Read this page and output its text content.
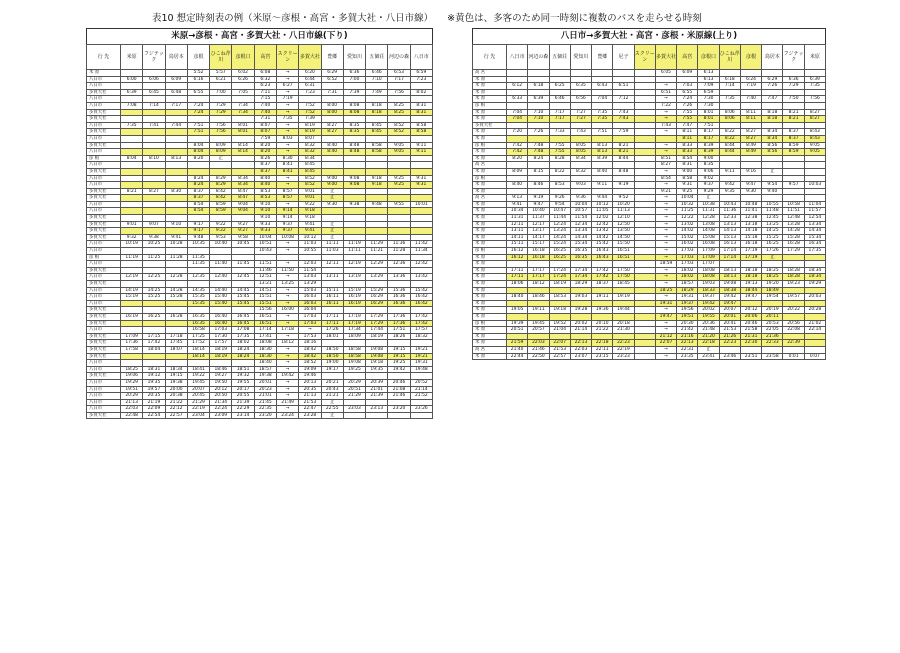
表10 想定時刻表の例（米原～彦根・高宮・多賀大社・八日市線） ※黄色は、多客のため同一時刻に複数のバスを走らせる時刻
米原→彦根・高宮・多賀大社・八日市線(下り)
行 先	米原	フジテック	鳥居本	彦根	ひこね芹川	彦根口	高宮	スクリーン	多賀大社	豊郷	愛知川	五個荘	河辺の森	八日市
米 原				5:52	5:57	6:02	6:08	→	6:20	6:29	6:36	6:46	6:53	6:59
八日市	6:00	6:06	6:09	6:16	6:21	6:26	6:32	→	6:44	6:52	7:00	7:10	7:17	7:23
八日市							6:23	6:27	6:31					
多賀大社	6:39	6:45	6:48	6:55	7:00	7:05	7:11	→	7:23	7:31	7:39	7:49	7:56	8:02
八日市							7:15	7:19						
八日市	7:08	7:14	7:17	7:24	7:29	7:34	7:40	→	7:52	8:00	8:08	8:18	8:25	8:31
多賀大社				7:24	7:29	7:34	7:40	→	7:52	8:00	8:08	8:18	8:25	8:31
多賀大社							7:31	7:35	7:39					
八日市	7:35	7:41	7:44	7:51	7:56	8:01	8:07	→	8:19	8:27	8:35	8:45	8:52	8:58
多賀大社				7:51	7:56	8:01	8:07	→	8:19	8:27	8:35	8:45	8:52	8:58
八日市							7:59	8:03	8:07					
多賀大社				8:04	8:09	8:14	8:20	→	8:32	8:40	8:48	8:58	9:05	9:11
八日市				8:04	8:09	8:14	8:20	→	8:32	8:40	8:48	8:58	9:05	9:11
彦 根	8:04	8:10	8:13	8:20	止		8:26	8:30	8:34					
八日市							8:37	8:41	8:45					
多賀大社							8:37	8:41	8:45					
八日市				8:24	8:29	8:34	8:40	→	8:52	9:00	9:08	9:18	9:25	9:31
八日市				8:24	8:29	8:34	8:40	→	8:52	9:00	9:08	9:18	9:25	9:31
多賀大社	8:21	8:27	8:30	8:37	8:42	8:47	8:53	8:57	9:01	止				
多賀大社				8:37	8:42	8:47	8:53	8:57	9:01	止				
八日市				8:54	8:59	9:04	9:10	→	9:22	9:30	9:38	9:48	9:55	10:01
八日市				8:54	8:59	9:04	9:10	9:14	9:18					
多賀大社							9:10	9:14	9:18					
多賀大社	9:01	9:07	9:10	9:17	9:22	9:27	9:33	9:37	9:41	止				
多賀大社				9:17	9:22	9:27	9:33	9:37	9:41	止				
多賀大社	9:32	9:38	9:41	9:48	9:53	9:58	10:04	10:08	10:12	止				
八日市	10:19	10:25	10:28	10:35	10:40	10:45	10:51	→	11:03	11:11	11:19	11:29	11:36	11:42
八日市							10:43	→	10:55	11:03	11:11	11:21	11:28	11:34
彦 根	11:19	11:25	11:28	11:35										
八日市				11:35	11:40	11:45	11:51	→	12:03	12:11	12:19	12:29	12:36	12:42
多賀大社							11:46	11:50	11:54					
八日市	12:19	12:25	12:28	12:35	12:40	12:45	12:51	→	13:03	13:11	13:19	13:29	13:36	13:42
多賀大社							13:21	13:25	13:29					
八日市	14:19	14:25	14:28	14:35	14:40	14:45	14:51	→	15:03	15:11	15:19	15:29	15:36	15:42
八日市	15:19	15:25	15:28	15:35	15:40	15:45	15:51	→	16:03	16:11	16:19	16:29	16:36	16:42
八日市				15:35	15:40	15:45	15:51	→	16:03	16:11	16:19	16:29	16:36	16:42
多賀大社							15:56	16:00	16:04					
多賀大社	16:19	16:25	16:28	16:35	16:40	16:45	16:51	→	17:03	17:11	17:19	17:29	17:36	17:42
多賀大社				16:35	16:40	16:45	16:51	→	17:03	17:11	17:19	17:29	17:36	17:42
八日市				16:58	17:03	17:08	17:14	17:18	→	17:26	17:34	17:44	17:51	17:57
多賀大社	17:09	17:15	17:18	17:25	17:30	17:35	17:41	→	17:53	18:01	18:09	18:19	18:26	18:32
多賀大社	17:36	17:42	17:45	17:52	17:57	18:02	18:08	18:12	18:16					
多賀大社	17:58	18:04	18:07	18:14	18:19	18:24	18:30	→	18:42	18:50	18:58	19:08	19:15	19:21
多賀大社				18:14	18:19	18:24	18:30	→	18:42	18:50	18:58	19:08	19:15	19:21
八日市							18:40	→	18:52	19:00	19:08	19:18	19:25	19:31
八日市	18:25	18:31	18:34	18:41	18:46	18:51	18:57	→	19:09	19:17	19:25	19:35	19:42	19:48
多賀大社	19:06	19:12	19:15	19:22	19:27	19:32	19:38	19:42	19:46					
八日市	19:29	19:35	19:38	19:45	19:50	19:55	20:01	→	20:13	20:21	20:29	20:39	20:46	20:52
八日市	19:51	19:57	20:00	20:07	20:12	20:17	20:23	→	20:35	20:43	20:51	21:01	21:08	21:14
八日市	20:29	20:35	20:38	20:45	20:50	20:55	21:01	→	21:13	21:21	21:29	21:39	21:46	21:52
八日市	21:13	21:19	21:22	21:29	21:34	21:39	21:45	21:49	21:53	止				
八日市	22:03	22:09	22:12	22:19	22:24	22:29	22:35	→	22:47	22:55	23:03	23:13	23:20	23:26
多賀大社	22:48	22:54	22:57	23:04	23:09	23:14	23:20	23:24	23:28	止				
八日市→多賀大社・高宮・彦根・米原線(上り)
行 先	八日市	河辺の森	五個荘	愛知川	豊郷	尼子	スクリーン	多賀大社	高宮	彦根口	ひこね芹川	彦根	鳥居本	フジテック	米原
高 宮								6:05	6:09	6:13					
米 原										6:13	6:18	6:24	6:29	6:36	6:39
米 原	6:12	6:18	6:25	6:35	6:43	6:51		→	7:03	7:09	7:14	7:19	7:26	7:29	7:35
米 原								6:51	6:55	6:59					
米 原	6:33	6:39	6:46	6:56	7:04	7:12		→	7:24	7:30	7:35	7:40	7:47	7:50	7:56
彦 根								7:22	7:26	7:30					
米 原	7:04	7:10	7:17	7:27	7:35	7:43		→	7:55	8:01	8:06	8:11	8:18	8:21	8:27
米 原	7:04	7:10	7:17	7:27	7:35	7:43		→	7:55	8:01	8:06	8:11	8:18	8:21	8:27
多賀大社								7:43	7:47	7:51					
米 原	7:20	7:26	7:33	7:43	7:51	7:59		→	8:11	8:17	8:22	8:27	8:34	8:37	8:43
米 原									8:11	8:17	8:22	8:27	8:34	8:37	8:43
彦 根	7:42	7:48	7:55	8:05	8:13	8:21		→	8:33	8:39	8:44	8:49	8:56	8:59	9:05
米 原	7:42	7:48	7:55	8:05	8:13	8:21		→	8:33	8:39	8:44	8:49	8:56	8:59	9:05
米 原	8:20	8:24	8:28	8:34	8:39	8:44		8:51	8:54	9:00					
高 宮								8:27	8:31	8:35					
米 原	8:09	8:15	8:22	8:32	8:40	8:48		→	9:00	9:06	9:11	9:16	止		
彦 根								8:54	8:58	9:02					
米 原	8:40	8:46	8:53	9:03	9:11	9:19		→	9:31	9:37	9:42	9:47	9:54	9:57	10:03
米 原								9:21	9:25	9:29	9:35	9:30	9:40		
高 宮	9:13	9:19	9:26	9:36	9:44	9:52		→	10:04	止					
米 原	9:41	9:47	9:54	10:04	10:12	10:20		→	10:32	10:38	10:43	10:48	10:55	10:58	11:04
米 原	10:34	10:40	10:47	10:57	11:05	11:13		→	11:25	11:31	11:36	11:41	11:48	11:51	11:57
米 原	11:31	11:37	11:44	11:54	12:02	12:10		→	12:22	12:28	12:33	12:38	12:45	12:48	12:54
米 原	12:11	12:17	12:24	12:34	12:42	12:50		→	13:02	13:08	13:13	13:18	13:25	13:28	13:34
米 原	13:11	13:17	13:24	13:34	13:42	13:50		→	14:02	14:08	14:13	14:18	14:25	14:28	14:34
米 原	14:11	14:17	14:24	14:34	14:42	14:50		→	15:02	15:08	15:13	15:18	15:25	15:28	15:34
米 原	15:11	15:17	15:24	15:34	15:42	15:50		→	16:02	16:08	16:13	16:18	16:25	16:28	16:34
彦 根	16:12	16:18	16:25	16:35	16:43	16:51		→	17:03	17:09	17:14	17:19	17:26	17:29	17:35
米 原	16:12	16:18	16:25	16:35	16:43	16:51		→	17:03	17:09	17:14	17:19	止		
米 原								18:59	17:03	17:07					
米 原	17:11	17:17	17:24	17:34	17:42	17:50		→	18:02	18:08	18:13	18:18	18:25	18:28	18:34
米 原	17:11	17:17	17:24	17:34	17:42	17:50		→	18:02	18:08	18:13	18:18	18:25	18:28	18:34
米 原	18:06	18:12	18:19	18:29	18:37	18:45		→	18:57	19:03	19:08	19:13	19:20	19:23	19:29
米 原								18:25	18:29	18:33	18:38	18:44	18:49		
米 原	18:40	18:46	18:53	19:03	19:11	19:19		→	19:31	19:37	19:42	19:47	19:54	19:57	20:03
米 原								19:31	19:37	19:42	19:47				
米 原	19:05	19:11	19:18	19:28	19:36	19:44		→	19:56	20:02	20:07	20:12	20:19	20:22	20:28
米 原								19:47	19:51	19:55	20:01	20:06	20:11		
彦 根	19:39	19:45	19:52	20:02	20:10	20:18		→	20:30	20:36	20:41	20:46	20:53	20:56	21:02
米 原	20:51	20:57	21:04	21:14	21:22	21:30		→	21:42	21:48	21:53	21:58	22:05	22:08	22:14
米 原								21:12	21:16	21:20	21:26	21:31	21:36		
米 原	21:59	22:03	22:07	22:13	22:18	22:23		22:07	22:13	22:18	22:23	22:30	22:33	22:39	
高 宮	21:40	21:46	21:53	22:03	22:11	22:19		→	22:31	止					
米 原	22:44	22:50	22:57	23:07	23:15	23:23		→	23:35	23:41	23:46	23:51	23:58	0:01	0:07
